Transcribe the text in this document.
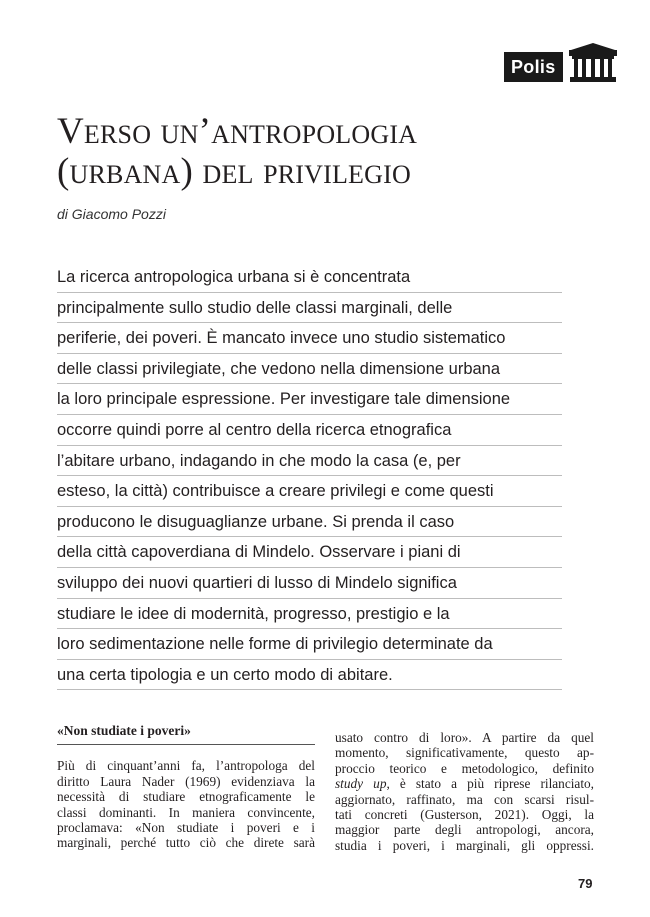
Polis
Verso un’antropologia
(urbana) del privilegio
di Giacomo Pozzi
La ricerca antropologica urbana si è concentrata
principalmente sullo studio delle classi marginali, delle
periferie, dei poveri. È mancato invece uno studio sistematico
delle classi privilegiate, che vedono nella dimensione urbana
la loro principale espressione. Per investigare tale dimensione
occorre quindi porre al centro della ricerca etnografica
l’abitare urbano, indagando in che modo la casa (e, per
esteso, la città) contribuisce a creare privilegi e come questi
producono le disuguaglianze urbane. Si prenda il caso
della città capoverdiana di Mindelo. Osservare i piani di
sviluppo dei nuovi quartieri di lusso di Mindelo significa
studiare le idee di modernità, progresso, prestigio e la
loro sedimentazione nelle forme di privilegio determinate da
una certa tipologia e un certo modo di abitare.
«Non studiate i poveri»
Più di cinquant’anni fa, l’antropologa del
diritto Laura Nader (1969) evidenziava la
necessità di studiare etnograficamente le
classi dominanti. In maniera convincente,
proclamava: «Non studiate i poveri e i
marginali, perché tutto ciò che direte sarà
usato contro di loro». A partire da quel
momento, significativamente, questo ap-
proccio teorico e metodologico, definito
study up, è stato a più riprese rilanciato,
aggiornato, raffinato, ma con scarsi risul-
tati concreti (Gusterson, 2021). Oggi, la
maggior parte degli antropologi, ancora,
studia i poveri, i marginali, gli oppressi.
79
